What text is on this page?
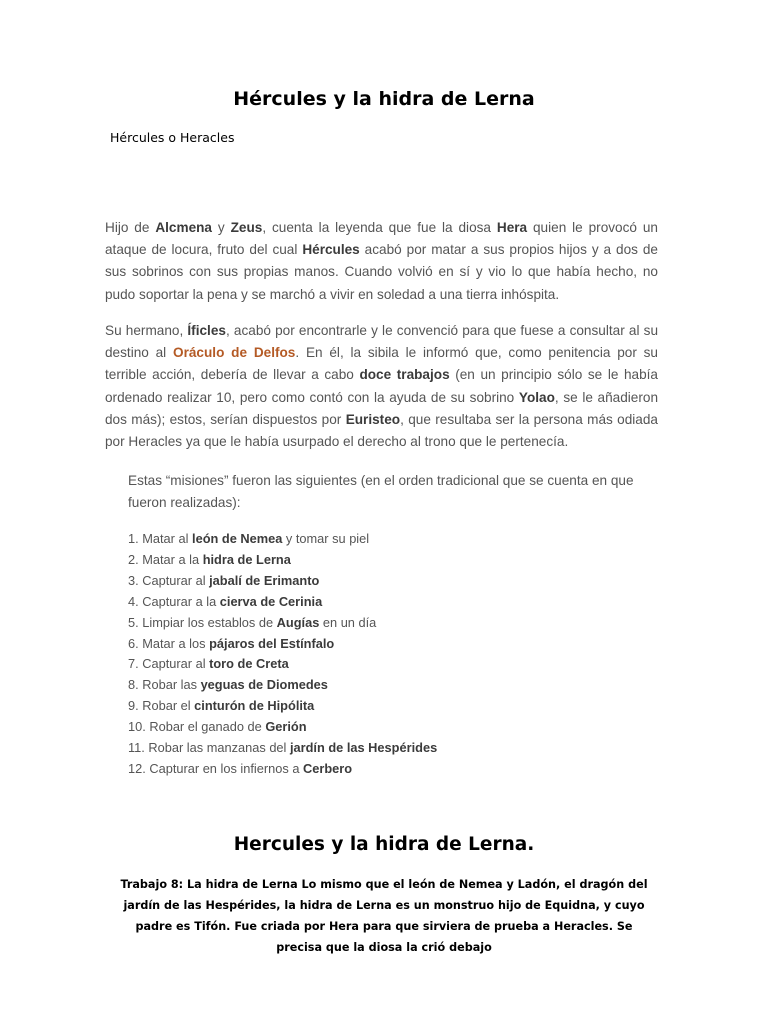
Hércules y la hidra de Lerna

Hércules o Heracles

Hijo de Alcmena y Zeus, cuenta la leyenda que fue la diosa Hera quien le provocó un ataque de locura, fruto del cual Hércules acabó por matar a sus propios hijos y a dos de sus sobrinos con sus propias manos. Cuando volvió en sí y vio lo que había hecho, no pudo soportar la pena y se marchó a vivir en soledad a una tierra inhóspita.

Su hermano, Íficles, acabó por encontrarle y le convenció para que fuese a consultar al su destino al Oráculo de Delfos. En él, la sibila le informó que, como penitencia por su terrible acción, debería de llevar a cabo doce trabajos (en un principio sólo se le había ordenado realizar 10, pero como contó con la ayuda de su sobrino Yolao, se le añadieron dos más); estos, serían dispuestos por Euristeo, que resultaba ser la persona más odiada por Heracles ya que le había usurpado el derecho al trono que le pertenecía.

Estas “misiones” fueron las siguientes (en el orden tradicional que se cuenta en que fueron realizadas):

1. Matar al león de Nemea y tomar su piel
2. Matar a la hidra de Lerna
3. Capturar al jabalí de Erimanto
4. Capturar a la cierva de Cerinia
5. Limpiar los establos de Augías en un día
6. Matar a los pájaros del Estínfalo
7. Capturar al toro de Creta
8. Robar las yeguas de Diomedes
9. Robar el cinturón de Hipólita
10. Robar el ganado de Gerión
11. Robar las manzanas del jardín de las Hespérides
12. Capturar en los infiernos a Cerbero
Hercules y la hidra de Lerna.

Trabajo 8: La hidra de Lerna Lo mismo que el león de Nemea y Ladón, el dragón del jardín de las Hespérides, la hidra de Lerna es un monstruo hijo de Equidna, y cuyo padre es Tifón. Fue criada por Hera para que sirviera de prueba a Heracles. Se precisa que la diosa la crió debajo
